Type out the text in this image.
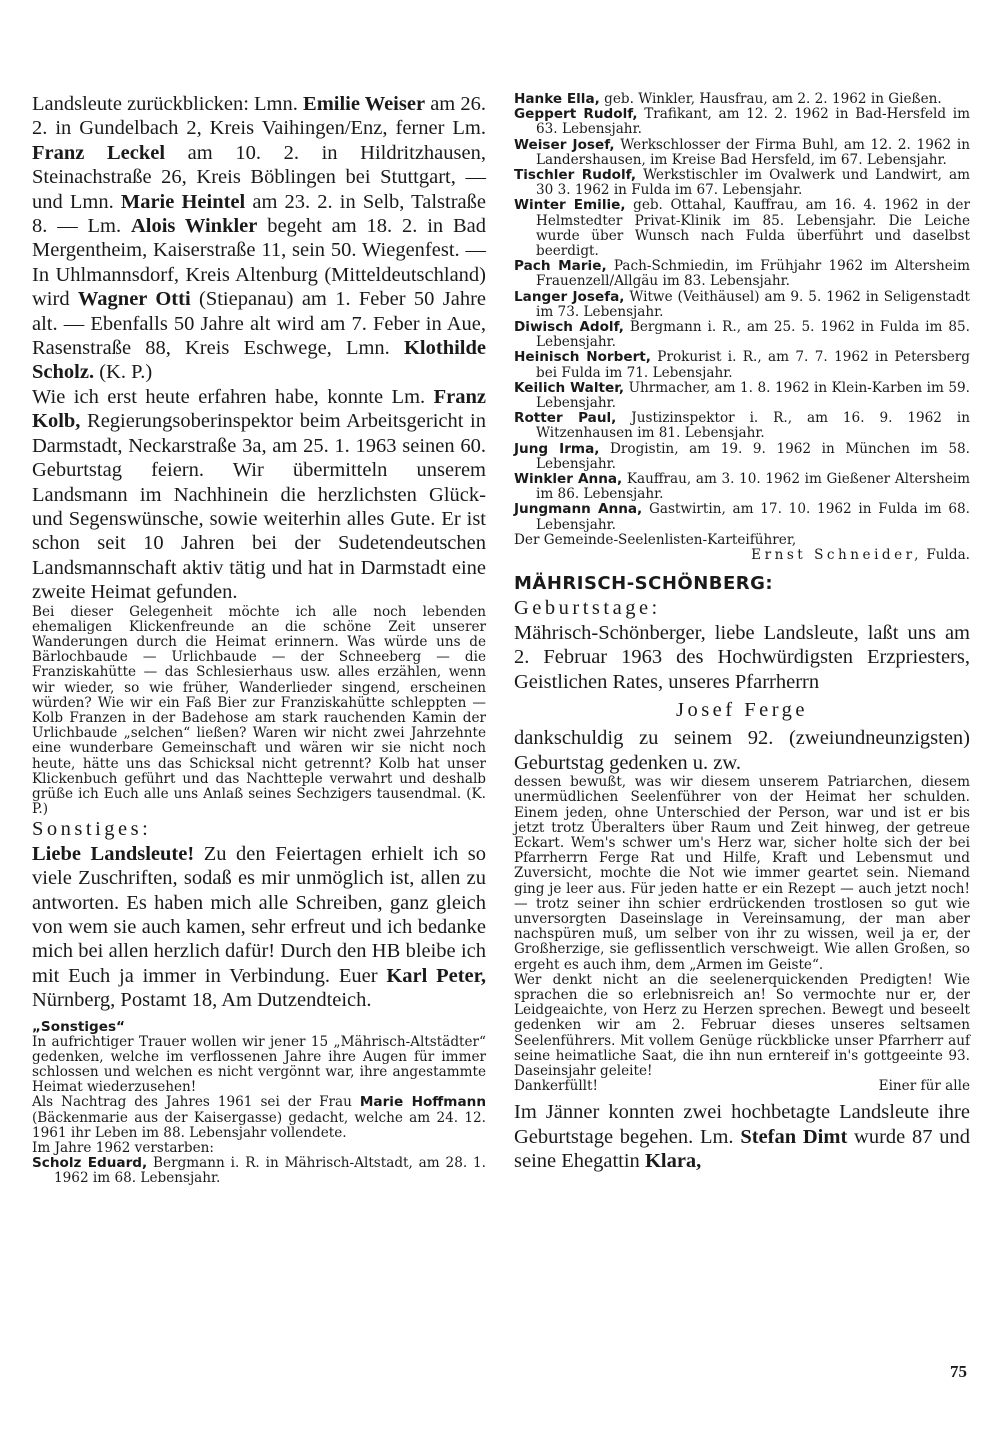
Landsleute zurückblicken: Lmn. Emilie Weiser am 26. 2. in Gundelbach 2, Kreis Vaihingen/Enz, ferner Lm. Franz Leckel am 10. 2. in Hildritzhausen, Steinachstraße 26, Kreis Böblingen bei Stuttgart, — und Lmn. Marie Heintel am 23. 2. in Selb, Talstraße 8. — Lm. Alois Winkler begeht am 18. 2. in Bad Mergentheim, Kaiserstraße 11, sein 50. Wiegenfest. — In Uhlmannsdorf, Kreis Altenburg (Mitteldeutschland) wird Wagner Otti (Stiepanau) am 1. Feber 50 Jahre alt. — Ebenfalls 50 Jahre alt wird am 7. Feber in Aue, Rasenstraße 88, Kreis Eschwege, Lmn. Klothilde Scholz. (K. P.)

Wie ich erst heute erfahren habe, konnte Lm. Franz Kolb, Regierungsoberinspektor beim Arbeitsgericht in Darmstadt, Neckarstraße 3a, am 25. 1. 1963 seinen 60. Geburtstag feiern. Wir übermitteln unserem Landsmann im Nachhinein die herzlichsten Glück- und Segenswünsche, sowie weiterhin alles Gute. Er ist schon seit 10 Jahren bei der Sudetendeutschen Landsmannschaft aktiv tätig und hat in Darmstadt eine zweite Heimat gefunden.

Bei dieser Gelegenheit möchte ich alle noch lebenden ehemaligen Klickenfreunde an die schöne Zeit unserer Wanderungen durch die Heimat erinnern. Was würde uns de Bärlochbaude — Urlichbaude — der Schneeberg — die Franziskahütte — das Schlesierhaus usw. alles erzählen, wenn wir wieder, so wie früher, Wanderlieder singend, erscheinen würden? Wie wir ein Faß Bier zur Franziskahütte schleppten — Kolb Franzen in der Badehose am stark rauchenden Kamin der Urlichbaude „selchen“ ließen? Waren wir nicht zwei Jahrzehnte eine wunderbare Gemeinschaft und wären wir sie nicht noch heute, hätte uns das Schicksal nicht getrennt? Kolb hat unser Klickenbuch geführt und das Nachtteple verwahrt und deshalb grüße ich Euch alle uns Anlaß seines Sechzigers tausendmal. (K. P.)

Sonstiges:

Liebe Landsleute! Zu den Feiertagen erhielt ich so viele Zuschriften, sodaß es mir unmöglich ist, allen zu antworten. Es haben mich alle Schreiben, ganz gleich von wem sie auch kamen, sehr erfreut und ich bedanke mich bei allen herzlich dafür! Durch den HB bleibe ich mit Euch ja immer in Verbindung. Euer Karl Peter, Nürnberg, Postamt 18, Am Dutzendteich.

„Sonstiges“

In aufrichtiger Trauer wollen wir jener 15 „Mährisch-Altstädter“ gedenken, welche im verflossenen Jahre ihre Augen für immer schlossen und welchen es nicht vergönnt war, ihre angestammte Heimat wiederzusehen!

Als Nachtrag des Jahres 1961 sei der Frau Marie Hoffmann (Bäckenmarie aus der Kaisergasse) gedacht, welche am 24. 12. 1961 ihr Leben im 88. Lebensjahr vollendete.

Im Jahre 1962 verstarben:

Scholz Eduard, Bergmann i. R. in Mährisch-Altstadt, am 28. 1. 1962 im 68. Lebensjahr.

Hanke Ella, geb. Winkler, Hausfrau, am 2. 2. 1962 in Gießen.

Geppert Rudolf, Trafikant, am 12. 2. 1962 in Bad-Hersfeld im 63. Lebensjahr.

Weiser Josef, Werkschlosser der Firma Buhl, am 12. 2. 1962 in Landershausen, im Kreise Bad Hersfeld, im 67. Lebensjahr.

Tischler Rudolf, Werkstischler im Ovalwerk und Landwirt, am 30 3. 1962 in Fulda im 67. Lebensjahr.

Winter Emilie, geb. Ottahal, Kauffrau, am 16. 4. 1962 in der Helmstedter Privat-Klinik im 85. Lebensjahr. Die Leiche wurde über Wunsch nach Fulda überführt und daselbst beerdigt.

Pach Marie, Pach-Schmiedin, im Frühjahr 1962 im Altersheim Frauenzell/Allgäu im 83. Lebensjahr.

Langer Josefa, Witwe (Veithäusel) am 9. 5. 1962 in Seligenstadt im 73. Lebensjahr.

Diwisch Adolf, Bergmann i. R., am 25. 5. 1962 in Fulda im 85. Lebensjahr.

Heinisch Norbert, Prokurist i. R., am 7. 7. 1962 in Petersberg bei Fulda im 71. Lebensjahr.

Keilich Walter, Uhrmacher, am 1. 8. 1962 in Klein-Karben im 59. Lebensjahr.

Rotter Paul, Justizinspektor i. R., am 16. 9. 1962 in Witzenhausen im 81. Lebensjahr.

Jung Irma, Drogistin, am 19. 9. 1962 in München im 58. Lebensjahr.

Winkler Anna, Kauffrau, am 3. 10. 1962 im Gießener Altersheim im 86. Lebensjahr.

Jungmann Anna, Gastwirtin, am 17. 10. 1962 in Fulda im 68. Lebensjahr.

Der Gemeinde-Seelenlisten-Karteiführer,
Ernst Schneider, Fulda.
MÄHRISCH-SCHÖNBERG:
Geburtstage:

Mährisch-Schönberger, liebe Landsleute, laßt uns am 2. Februar 1963 des Hochwürdigsten Erzpriesters, Geistlichen Rates, unseres Pfarrherrn

Josef Ferge

dankschuldig zu seinem 92. (zweiundneunzigsten) Geburtstag gedenken u. zw.

dessen bewußt, was wir diesem unserem Patriarchen, diesem unermüdlichen Seelenführer von der Heimat her schulden. Einem jeden, ohne Unterschied der Person, war und ist er bis jetzt trotz Überalters über Raum und Zeit hinweg, der getreue Eckart. Wem's schwer um's Herz war, sicher holte sich der bei Pfarrherrn Ferge Rat und Hilfe, Kraft und Lebensmut und Zuversicht, mochte die Not wie immer geartet sein. Niemand ging je leer aus. Für jeden hatte er ein Rezept — auch jetzt noch! — trotz seiner ihn schier erdrückenden trostlosen so gut wie unversorgten Daseinslage in Vereinsamung, der man aber nachspüren muß, um selber von ihr zu wissen, weil ja er, der Großherzige, sie geflissentlich verschweigt. Wie allen Großen, so ergeht es auch ihm, dem „Armen im Geiste“.

Wer denkt nicht an die seelenerquickenden Predigten! Wie sprachen die so erlebnisreich an! So vermochte nur er, der Leidgeaichte, von Herz zu Herzen sprechen. Bewegt und beseelt gedenken wir am 2. Februar dieses unseres seltsamen Seelenführers. Mit vollem Genüge rückblicke unser Pfarrherr auf seine heimatliche Saat, die ihn nun erntereif in's gottgeeinte 93. Daseinsjahr geleite!

Dankerfüllt!	Einer für alle

Im Jänner konnten zwei hochbetagte Landsleute ihre Geburtstage begehen. Lm. Stefan Dimt wurde 87 und seine Ehegattin Klara,

75
